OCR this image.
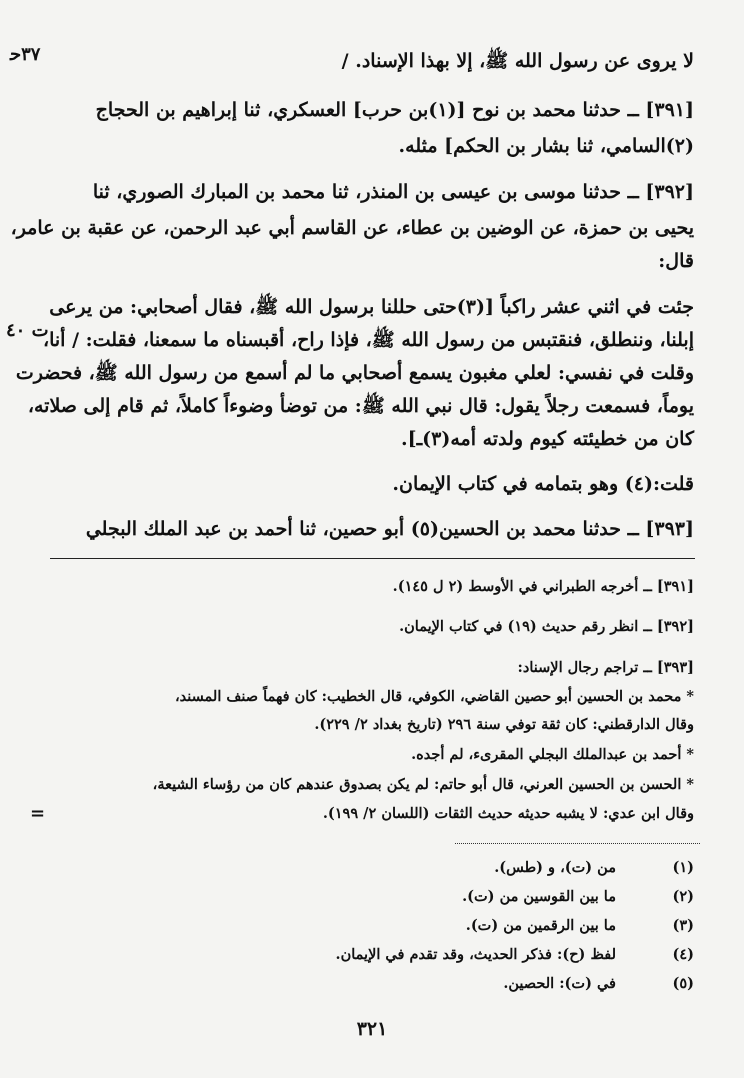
٣٧ﺣ	لا يروى عن رسول الله ﷺ، إلا بهذا الإسناد. /
[٣٩١] ــ حدثنا محمد بن نوح [(١)بن حرب] العسكري، ثنا إبراهيم بن الحجاج
(٢)السامي، ثنا بشار بن الحكم] مثله.
[٣٩٢] ــ حدثنا موسى بن عيسى بن المنذر، ثنا محمد بن المبارك الصوري، ثنا
يحيى بن حمزة، عن الوضين بن عطاء، عن القاسم أبي عبد الرحمن، عن عقبة بن عامر،
قال:
جئت في اثني عشر راكباً [(٣)حتى حللنا برسول الله ﷺ، فقال أصحابي: من يرعى
إبلنا، وننطلق، فنقتبس من رسول الله ﷺ، فإذا راح، أقبسناه ما سمعنا، فقلت: / أنا،
وقلت في نفسي: لعلي مغبون يسمع أصحابي ما لم أسمع من رسول الله ﷺ، فحضرت
يوماً، فسمعت رجلاً يقول: قال نبي الله ﷺ: من توضأ وضوءاً كاملاً، ثم قام إلى صلاته،
كان من خطيئته كيوم ولدته أمه(٣)ـ].
قلت:(٤) وهو بتمامه في كتاب الإيمان.
[٣٩٣] ــ حدثنا محمد بن الحسين(٥) أبو حصين، ثنا أحمد بن عبد الملك البجلي
ت ٤٠
[٣٩١] ــ أخرجه الطبراني في الأوسط (٢ ل ١٤٥).
[٣٩٢] ــ انظر رقم حديث (١٩) في كتاب الإيمان.
[٣٩٣] ــ تراجم رجال الإسناد:
* محمد بن الحسين أبو حصين القاضي، الكوفي، قال الخطيب: كان فهماً صنف المسند،
وقال الدارقطني: كان ثقة توفي سنة ٢٩٦ (تاريخ بغداد ٢/ ٢٢٩).
* أحمد بن عبدالملك البجلي المقرىء، لم أجده.
* الحسن بن الحسين العرني، قال أبو حاتم: لم يكن بصدوق عندهم كان من رؤساء الشيعة،
وقال ابن عدي: لا يشبه حديثه حديث الثقات (اللسان ٢/ ١٩٩).
=
(١)
من (ت)، و (طس).
(٢)
ما بين القوسين من (ت).
(٣)
ما بين الرقمين من (ت).
(٤)
لفظ (ح): فذكر الحديث، وقد تقدم في الإيمان.
(٥)
في (ت): الحصين.
٣٢١
